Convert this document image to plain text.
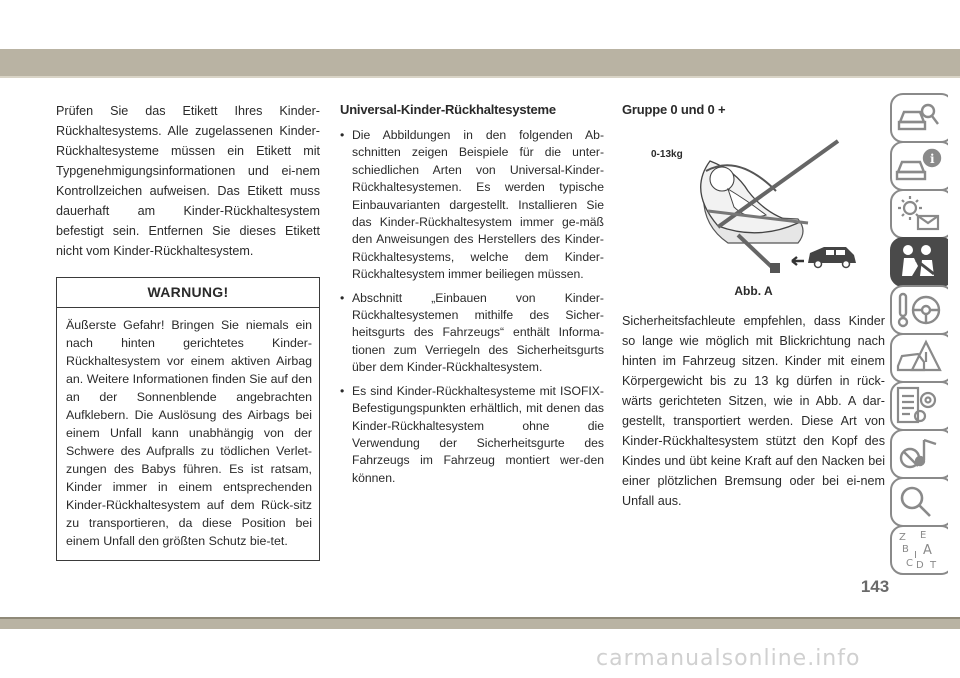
Prüfen Sie das Etikett Ihres Kinder-Rückhaltesystems. Alle zugelassenen Kinder-Rückhaltesysteme müssen ein Etikett mit Typgenehmigungsinformationen und ei-nem Kontrollzeichen aufweisen. Das Etikett muss dauerhaft am Kinder-Rückhaltesystem befestigt sein. Entfernen Sie dieses Etikett nicht vom Kinder-Rückhaltesystem.

WARNUNG!
Äußerste Gefahr! Bringen Sie niemals ein nach hinten gerichtetes Kinder-Rückhaltesystem vor einem aktiven Airbag an. Weitere Informationen finden Sie auf den an der Sonnenblende angebrachten Aufklebern. Die Auslösung des Airbags bei einem Unfall kann unabhängig von der Schwere des Aufpralls zu tödlichen Verlet-zungen des Babys führen. Es ist ratsam, Kinder immer in einem entsprechenden Kinder-Rückhaltesystem auf dem Rück-sitz zu transportieren, da diese Position bei einem Unfall den größten Schutz bie-tet.
Universal-Kinder-Rückhaltesysteme
• Die Abbildungen in den folgenden Ab-schnitten zeigen Beispiele für die unter-schiedlichen Arten von Universal-Kinder-Rückhaltesystemen. Es werden typische Einbauvarianten dargestellt. Installieren Sie das Kinder-Rückhaltesystem immer ge-mäß den Anweisungen des Herstellers des Kinder-Rückhaltesystems, welche dem Kinder-Rückhaltesystem immer beiliegen müssen.
• Abschnitt „Einbauen von Kinder-Rückhaltesystemen mithilfe des Sicher-heitsgurts des Fahrzeugs“ enthält Informa-tionen zum Verriegeln des Sicherheitsgurts über dem Kinder-Rückhaltesystem.
• Es sind Kinder-Rückhaltesysteme mit ISOFIX-Befestigungspunkten erhältlich, mit denen das Kinder-Rückhaltesystem ohne die Verwendung der Sicherheitsgurte des Fahrzeugs im Fahrzeug montiert wer-den können.
Gruppe 0 und 0 +
0-13kg
Abb. A

Sicherheitsfachleute empfehlen, dass Kinder so lange wie möglich mit Blickrichtung nach hinten im Fahrzeug sitzen. Kinder mit einem Körpergewicht bis zu 13 kg dürfen in rück-wärts gerichteten Sitzen, wie in Abb. A dar-gestellt, transportiert werden. Diese Art von Kinder-Rückhaltesystem stützt den Kopf des Kindes und übt keine Kraft auf den Nacken bei einer plötzlichen Bremsung oder bei ei-nem Unfall aus.

i
Z E
B A
C
I
D T
143
carmanualsonline.info
